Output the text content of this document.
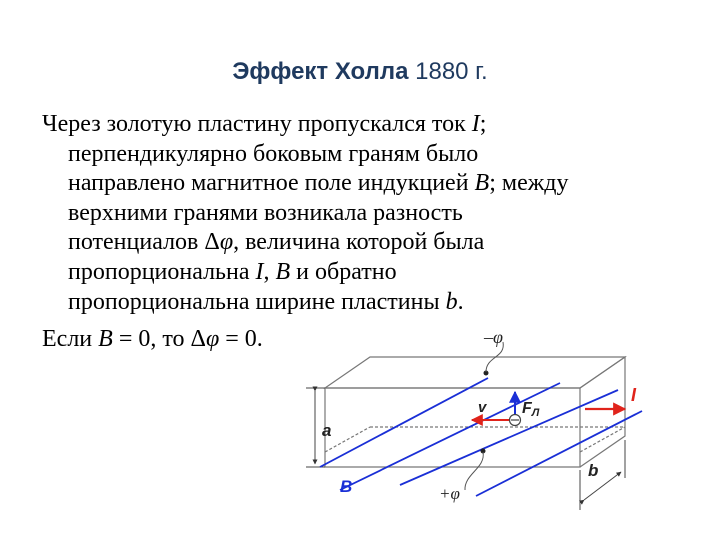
Эффект Холла 1880 г.
Через золотую пластину пропускался ток I;
перпендикулярно боковым граням было
направлено магнитное поле индукцией B; между
верхними гранями возникала разность
потенциалов Δφ, величина которой была
пропорциональна I, B и обратно
пропорциональна ширине пластины b.
Если B = 0, то Δφ = 0.
a
b
B
I
v FЛ
–φ
+φ
